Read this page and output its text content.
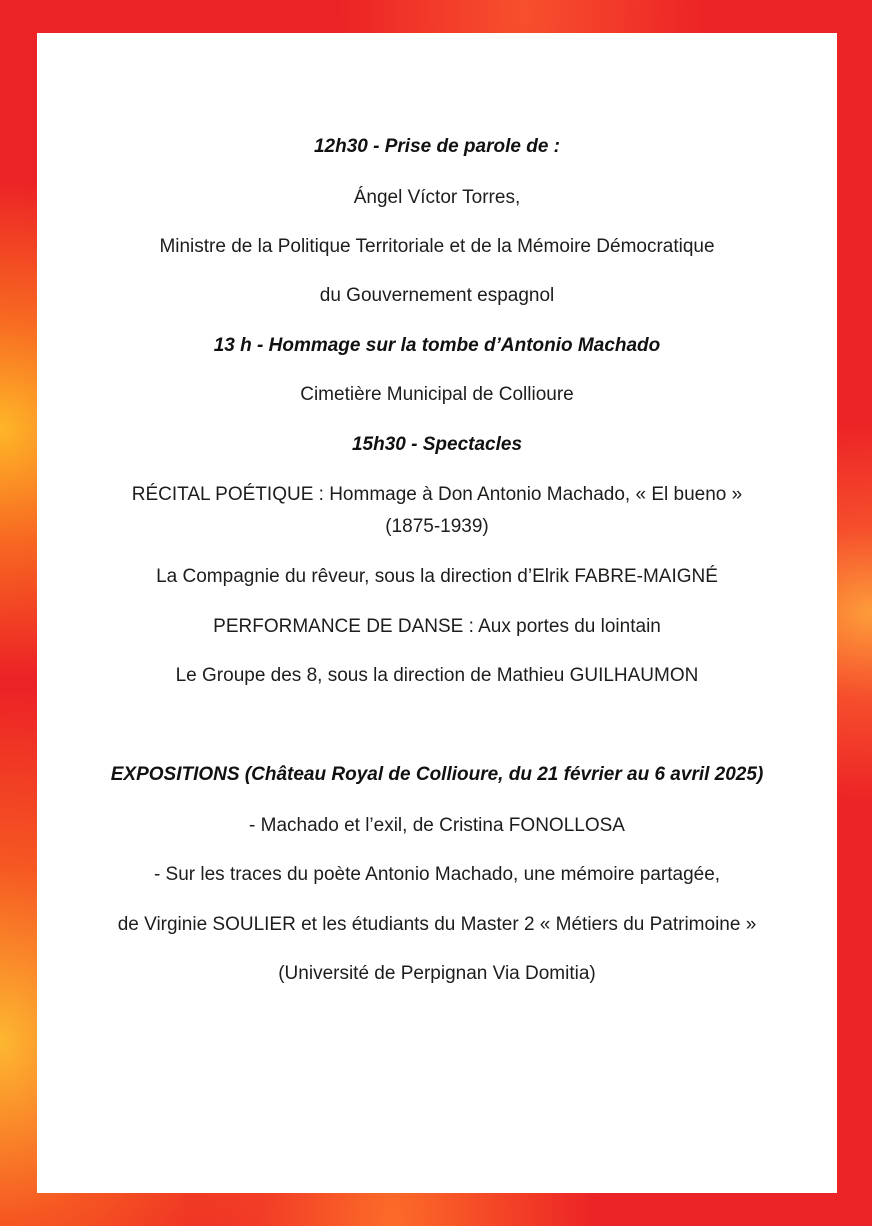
12h30 - Prise de parole de :
Ángel Víctor Torres,
Ministre de la Politique Territoriale et de la Mémoire Démocratique
du Gouvernement espagnol
13 h - Hommage sur la tombe d’Antonio Machado
Cimetière Municipal de Collioure
15h30 - Spectacles
RÉCITAL POÉTIQUE : Hommage à Don Antonio Machado, « El bueno »
(1875-1939)
La Compagnie du rêveur, sous la direction d’Elrik FABRE-MAIGNÉ
PERFORMANCE DE DANSE : Aux portes du lointain
Le Groupe des 8, sous la direction de Mathieu GUILHAUMON
EXPOSITIONS (Château Royal de Collioure, du 21 février au 6 avril 2025)
- Machado et l’exil, de Cristina FONOLLOSA
- Sur les traces du poète Antonio Machado, une mémoire partagée,
de Virginie SOULIER et les étudiants du Master 2 « Métiers du Patrimoine »
(Université de Perpignan Via Domitia)
